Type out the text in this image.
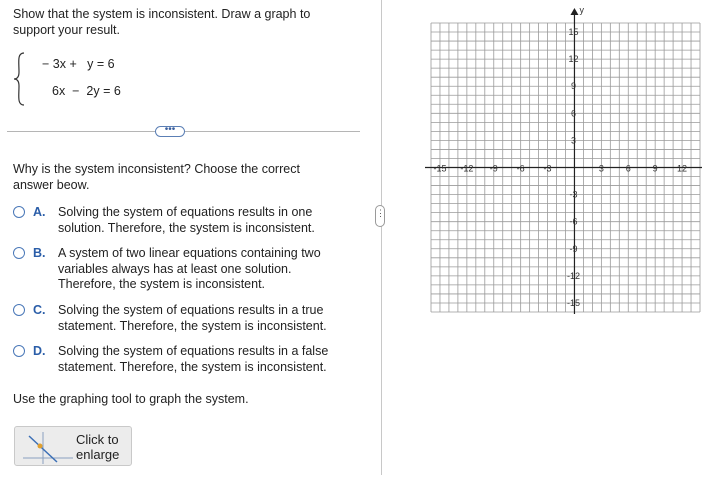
Show that the system is inconsistent. Draw a graph to support your result.
− 3x +   y = 6
6x  −  2y = 6
•••
Why is the system inconsistent? Choose the correct answer beow.
A. Solving the system of equations results in one solution. Therefore, the system is inconsistent.
B. A system of two linear equations containing two variables always has at least one solution. Therefore, the system is inconsistent.
C. Solving the system of equations results in a true statement. Therefore, the system is inconsistent.
D. Solving the system of equations results in a false statement. Therefore, the system is inconsistent.
Use the graphing tool to graph the system.
Click to enlarge
⋮
y
-15 -12 -9 -6 -3	3 6 9 12
15
12
9
6
3
-3
-6
-9
-12
-15
